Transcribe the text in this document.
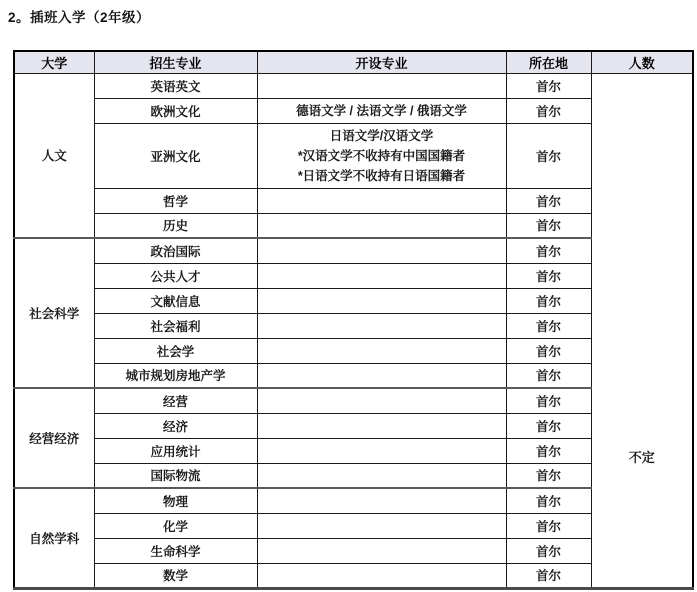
2。插班入学（2年级）
大学	招生专业	开设专业	所在地	人数
人文	英语英文		首尔	不定

	欧洲文化	德语文学 / 法语文学 / 俄语文学	首尔	
	亚洲文化	日语文学/汉语文学
*汉语文学不收持有中国国籍者
*日语文学不收持有日语国籍者	首尔	
	哲学		首尔	
	历史		首尔	
社会科学	政治国际		首尔	
	公共人才		首尔	
	文献信息		首尔	
	社会福利		首尔	
	社会学		首尔	
	城市规划房地产学		首尔	
经营经济	经营		首尔	
	经济		首尔	
	应用统计		首尔	
	国际物流		首尔	
自然学科	物理		首尔	
	化学		首尔	
	生命科学		首尔	
	数学		首尔	
